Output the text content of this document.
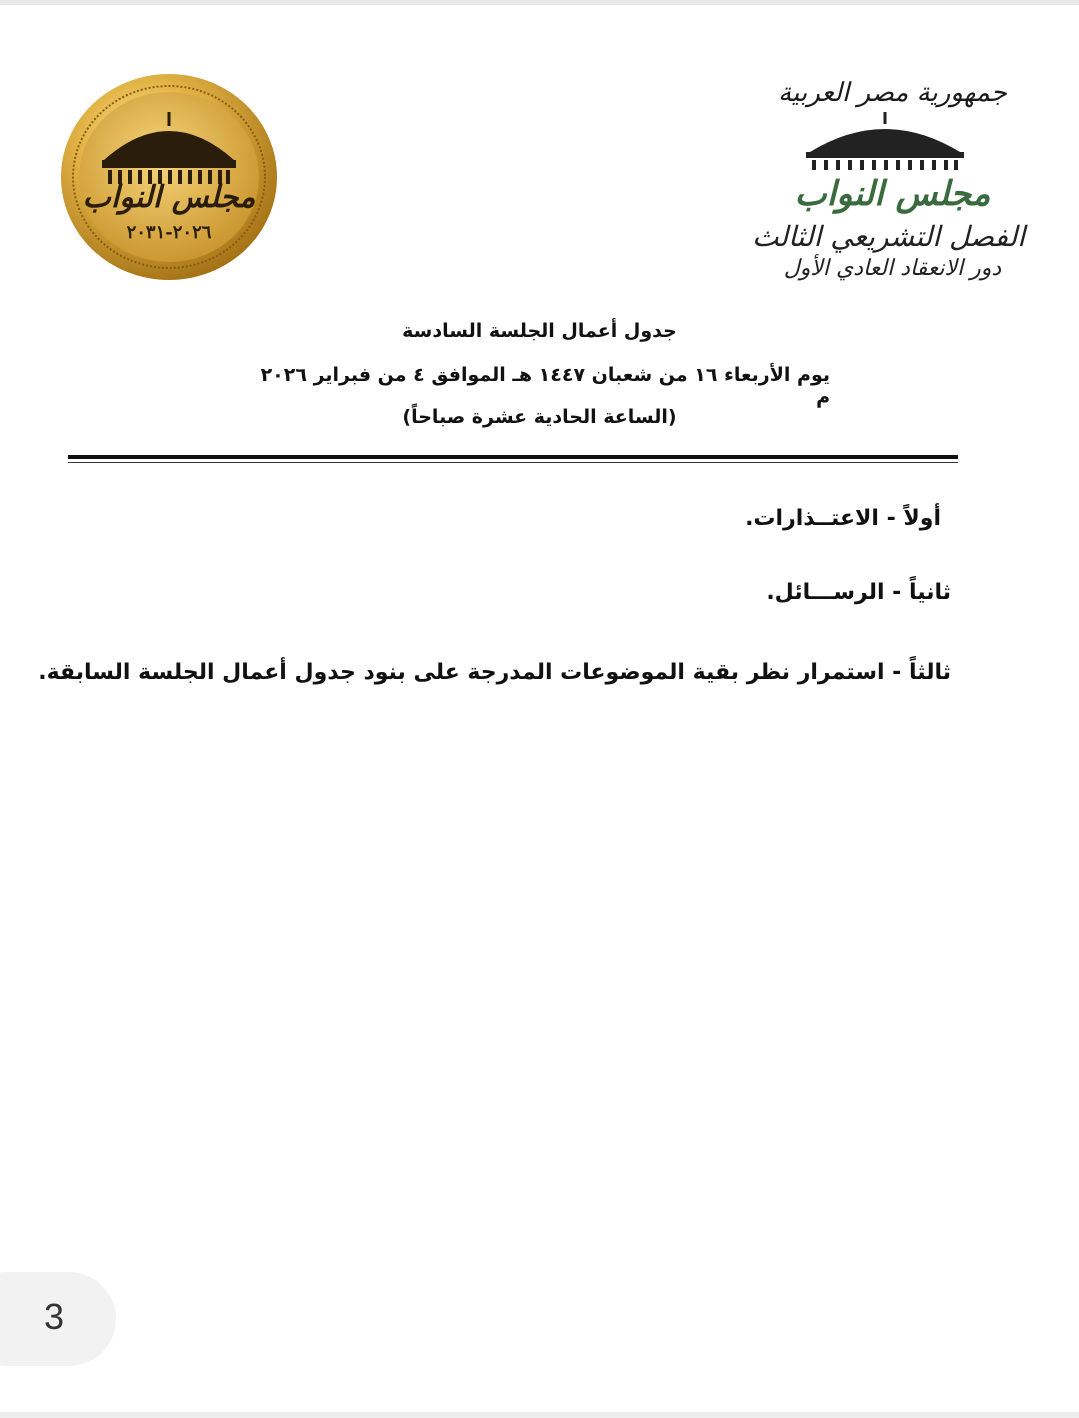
مجلس النواب
٢٠٢٦-٢٠٣١
جمهورية مصر العربية
مجلس النواب
الفصل التشريعي الثالث
دور الانعقاد العادي الأول
جدول أعمال الجلسة السادسة
يوم الأربعاء ١٦ من شعبان ١٤٤٧ هـ الموافق ٤ من فبراير ٢٠٢٦ م
(الساعة الحادية عشرة صباحاً)
أولاً - الاعتــذارات.
ثانياً - الرســـائل.
ثالثاً - استمرار نظر بقية الموضوعات المدرجة على بنود جدول أعمال الجلسة السابقة.
3
